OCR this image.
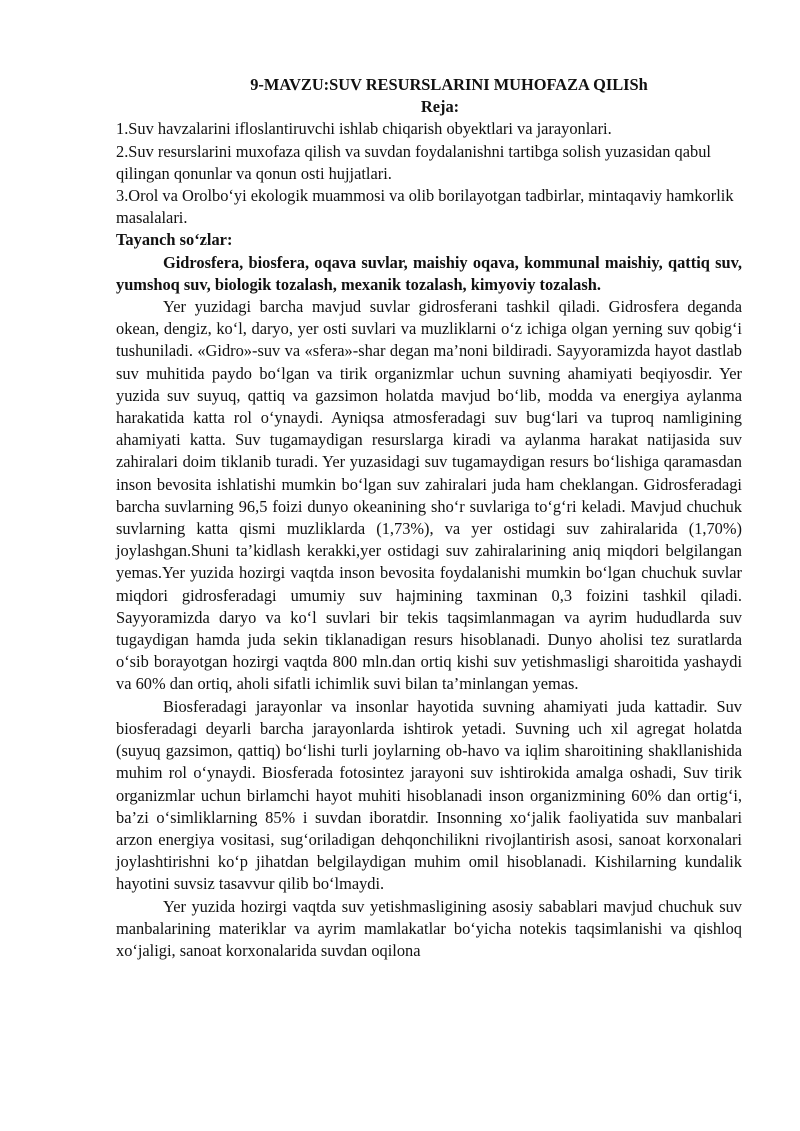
9-MAVZU:SUV RESURSLARINI MUHOFAZA QILISh

Reja:

1.Suv havzalarini ifloslantiruvchi ishlab chiqarish obyektlari va jarayonlari.

2.Suv resurslarini muxofaza qilish va suvdan foydalanishni tartibga solish yuzasidan qabul qilingan qonunlar va qonun osti hujjatlari.

3.Orol va Orolbo‘yi ekologik muammosi va olib borilayotgan tadbirlar, mintaqaviy hamkorlik masalalari.

Tayanch so‘zlar:

Gidrosfera, biosfera, oqava suvlar, maishiy oqava, kommunal maishiy, qattiq suv, yumshoq suv, biologik tozalash, mexanik tozalash, kimyoviy tozalash.

Yer yuzidagi barcha mavjud suvlar gidrosferani tashkil qiladi. Gidrosfera deganda okean, dengiz, ko‘l, daryo, yer osti suvlari va muzliklarni o‘z ichiga olgan yerning suv qobig‘i tushuniladi. «Gidro»-suv va «sfera»-shar degan ma’noni bildiradi. Sayyoramizda hayot dastlab suv muhitida paydo bo‘lgan va tirik organizmlar uchun suvning ahamiyati beqiyosdir. Yer yuzida suv suyuq, qattiq va gazsimon holatda mavjud bo‘lib, modda va energiya aylanma harakatida katta rol o‘ynaydi. Ayniqsa atmosferadagi suv bug‘lari va tuproq namligining ahamiyati katta. Suv tugamaydigan resurslarga kiradi va aylanma harakat natijasida suv zahiralari doim tiklanib turadi. Yer yuzasidagi suv tugamaydigan resurs bo‘lishiga qaramasdan inson bevosita ishlatishi mumkin bo‘lgan suv zahiralari juda ham cheklangan. Gidrosferadagi barcha suvlarning 96,5 foizi dunyo okeanining sho‘r suvlariga to‘g‘ri keladi. Mavjud chuchuk suvlarning katta qismi muzliklarda (1,73%), va yer ostidagi suv zahiralarida (1,70%) joylashgan.Shuni ta’kidlash kerakki,yer ostidagi suv zahiralarining aniq miqdori belgilangan yemas.Yer yuzida hozirgi vaqtda inson bevosita foydalanishi mumkin bo‘lgan chuchuk suvlar miqdori gidrosferadagi umumiy suv hajmining taxminan 0,3 foizini tashkil qiladi. Sayyoramizda daryo va ko‘l suvlari bir tekis taqsimlanmagan va ayrim hududlarda suv tugaydigan hamda juda sekin tiklanadigan resurs hisoblanadi. Dunyo aholisi tez suratlarda o‘sib borayotgan hozirgi vaqtda 800 mln.dan ortiq kishi suv yetishmasligi sharoitida yashaydi va 60% dan ortiq, aholi sifatli ichimlik suvi bilan ta’minlangan yemas.

Biosferadagi jarayonlar va insonlar hayotida suvning ahamiyati juda kattadir. Suv biosferadagi deyarli barcha jarayonlarda ishtirok yetadi. Suvning uch xil agregat holatda (suyuq gazsimon, qattiq) bo‘lishi turli joylarning ob-havo va iqlim sharoitining shakllanishida muhim rol o‘ynaydi. Biosferada fotosintez jarayoni suv ishtirokida amalga oshadi, Suv tirik organizmlar uchun birlamchi hayot muhiti hisoblanadi inson organizmining 60% dan ortig‘i, ba’zi o‘simliklarning 85% i suvdan iboratdir. Insonning xo‘jalik faoliyatida suv manbalari arzon energiya vositasi, sug‘oriladigan dehqonchilikni rivojlantirish asosi, sanoat korxonalari joylashtirishni ko‘p jihatdan belgilaydigan muhim omil hisoblanadi. Kishilarning kundalik hayotini suvsiz tasavvur qilib bo‘lmaydi.

Yer yuzida hozirgi vaqtda suv yetishmasligining asosiy sabablari mavjud chuchuk suv manbalarining materiklar va ayrim mamlakatlar bo‘yicha notekis taqsimlanishi va qishloq xo‘jaligi, sanoat korxonalarida suvdan oqilona
